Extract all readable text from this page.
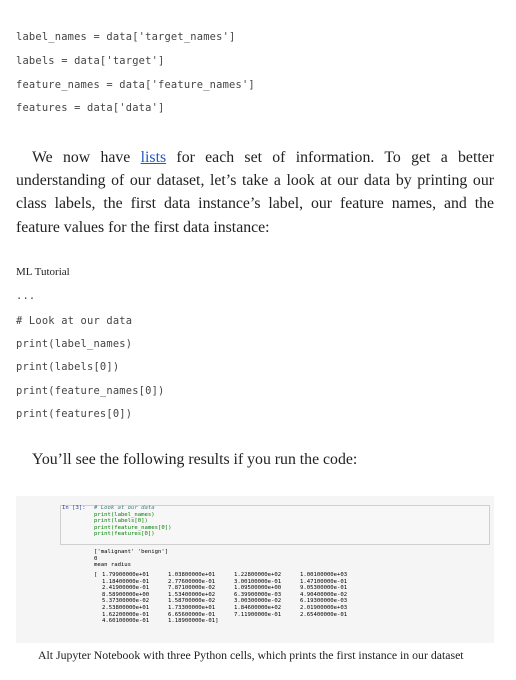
label_names = data['target_names']
labels = data['target']
feature_names = data['feature_names']
features = data['data']
We now have lists for each set of information. To get a better understanding of our dataset, let’s take a look at our data by printing our class labels, the first data instance’s label, our feature names, and the feature values for the first data instance:
ML Tutorial
...
# Look at our data
print(label_names)
print(labels[0])
print(feature_names[0])
print(features[0])
You’ll see the following results if you run the code:
In [3]: # Look at our data
print(label_names)
print(labels[0])
print(feature_names[0])
print(features[0])
['malignant' 'benign']
0
mean radius
[ 1.79900000e+01	1.03800000e+01	1.22800000e+02	1.00100000e+03
1.18400000e-01	2.77600000e-01	3.00100000e-01	1.47100000e-01
2.41900000e-01	7.87100000e-02	1.09500000e+00	9.05300000e-01
8.58900000e+00	1.53400000e+02	6.39900000e-03	4.90400000e-02
5.37300000e-02	1.58700000e-02	3.00300000e-02	6.19300000e-03
2.53800000e+01	1.73300000e+01	1.84600000e+02	2.01900000e+03
1.62200000e-01	6.65600000e-01	7.11900000e-01	2.65400000e-01
4.60100000e-01	1.18900000e-01]
Alt Jupyter Notebook with three Python cells, which prints the first instance in our dataset
